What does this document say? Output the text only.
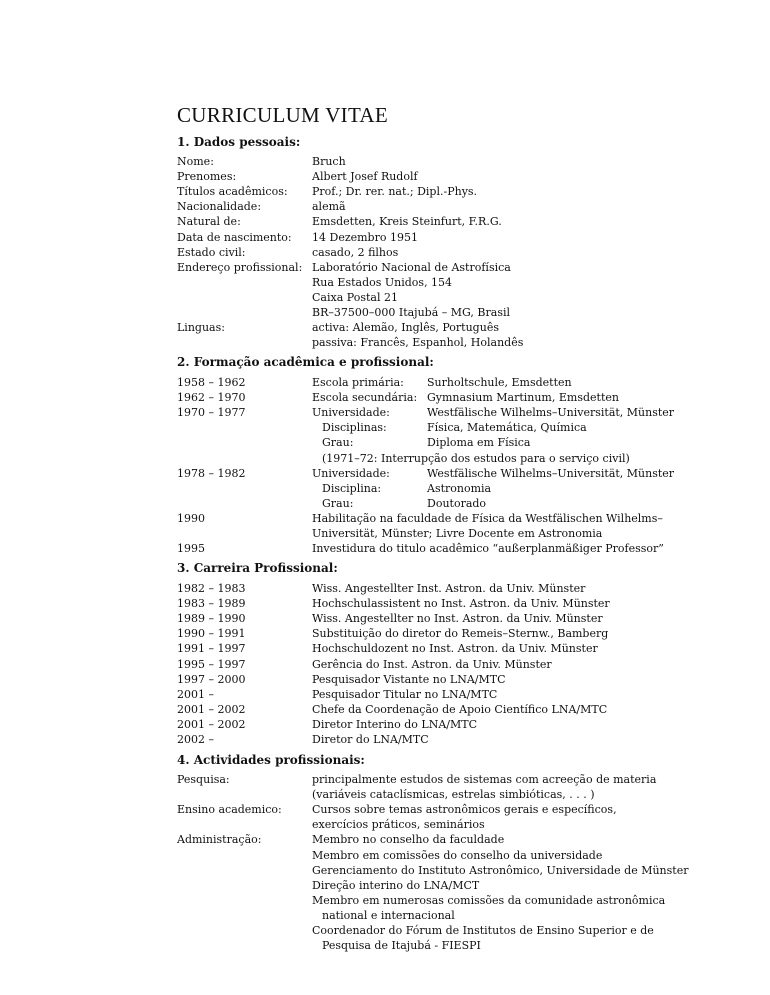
CURRICULUM VITAE
1. Dados pessoais:
Nome:	Bruch
Prenomes:	Albert Josef Rudolf
Títulos acadêmicos: Prof.; Dr. rer. nat.; Dipl.-Phys.
Nacionalidade:	alemã
Natural de:	Emsdetten, Kreis Steinfurt, F.R.G.
Data de nascimento: 14 Dezembro 1951
Estado civil:	casado, 2 filhos
Endereço profissional: Laboratório Nacional de Astrofísica
Rua Estados Unidos, 154
Caixa Postal 21
BR–37500–000 Itajubá – MG, Brasil
Linguas:	activa: Alemão, Inglês, Português
passiva: Francês, Espanhol, Holandês
2. Formação acadêmica e profissional:
1958 – 1962	Escola primária: Surholtschule, Emsdetten
1962 – 1970	Escola secundária: Gymnasium Martinum, Emsdetten
1970 – 1977	Universidade:	Westfälische Wilhelms–Universität, Münster
Disciplinas:	Física, Matemática, Química
Grau:	Diploma em Física
(1971–72: Interrupção dos estudos para o serviço civil)
1978 – 1982	Universidade:	Westfälische Wilhelms–Universität, Münster
Disciplina:	Astronomia
Grau:	Doutorado
1990	Habilitação na faculdade de Física da Westfälischen Wilhelms–
Universität, Münster; Livre Docente em Astronomia
1995	Investidura do titulo acadêmico “außerplanmäßiger Professor”
3. Carreira Profissional:
1982 – 1983	Wiss. Angestellter Inst. Astron. da Univ. Münster
1983 – 1989	Hochschulassistent no Inst. Astron. da Univ. Münster
1989 – 1990	Wiss. Angestellter no Inst. Astron. da Univ. Münster
1990 – 1991	Substituição do diretor do Remeis–Sternw., Bamberg
1991 – 1997	Hochschuldozent no Inst. Astron. da Univ. Münster
1995 – 1997	Gerência do Inst. Astron. da Univ. Münster
1997 – 2000	Pesquisador Vistante no LNA/MTC
2001 –	Pesquisador Titular no LNA/MTC
2001 – 2002	Chefe da Coordenação de Apoio Científico LNA/MTC
2001 – 2002	Diretor Interino do LNA/MTC
2002 –	Diretor do LNA/MTC
4. Actividades profissionais:
Pesquisa:	principalmente estudos de sistemas com acreeção de materia
(variáveis cataclísmicas, estrelas simbióticas, . . . )
Ensino academico:	Cursos sobre temas astronômicos gerais e específicos,
exercícios práticos, seminários
Administração:	Membro no conselho da faculdade
Membro em comissões do conselho da universidade
Gerenciamento do Instituto Astronômico, Universidade de Münster
Direção interino do LNA/MCT
Membro em numerosas comissões da comunidade astronômica
national e internacional
Coordenador do Fórum de Institutos de Ensino Superior e de
Pesquisa de Itajubá - FIESPI
